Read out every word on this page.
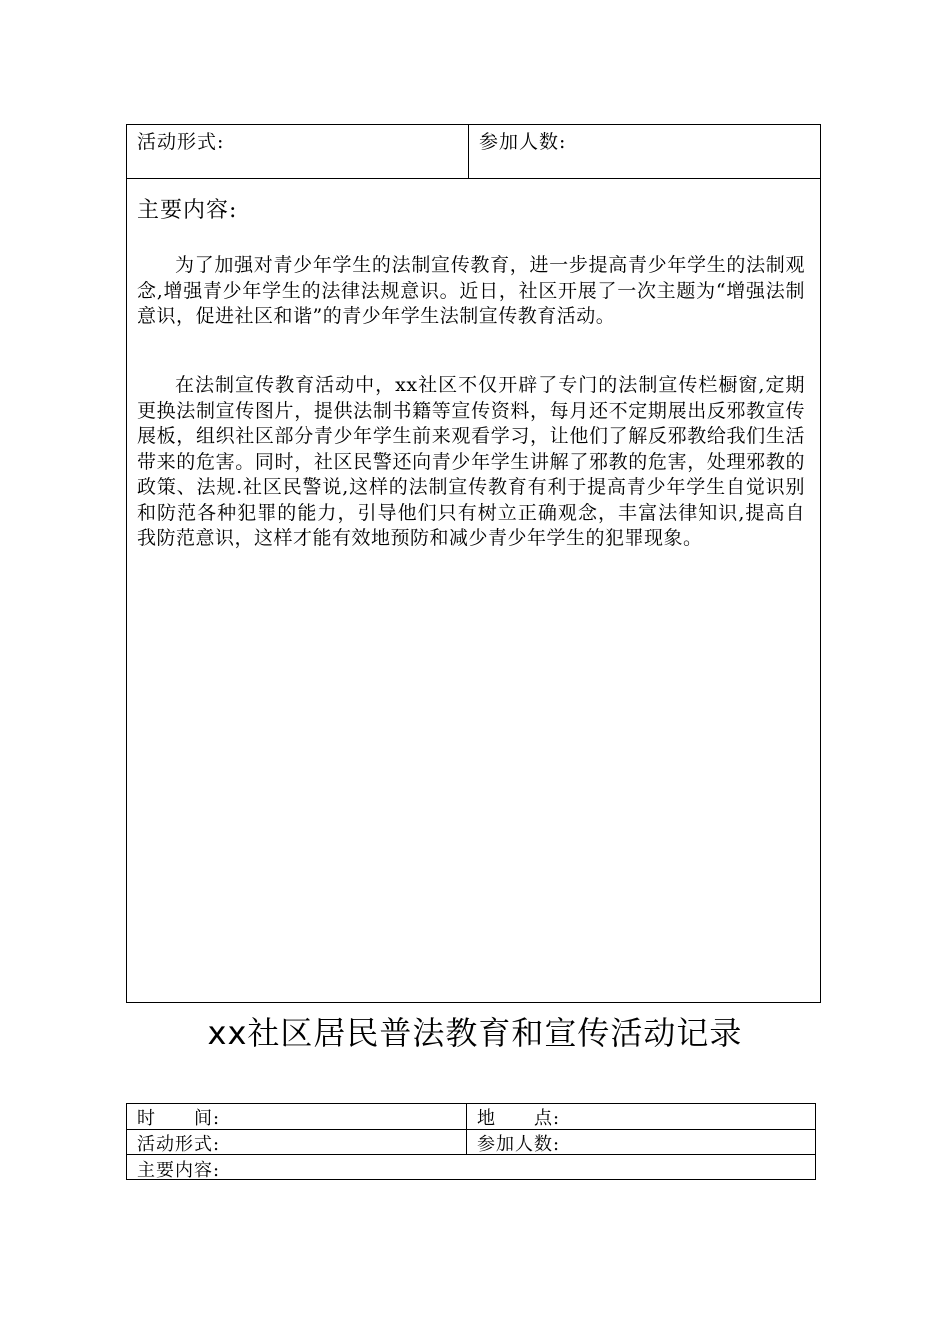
活动形式:	参加人数:
主要内容:

为了加强对青少年学生的法制宣传教育，进一步提高青少年学生的法制观念,增强青少年学生的法律法规意识。近日，社区开展了一次主题为“增强法制意识，促进社区和谐”的青少年学生法制宣传教育活动。

在法制宣传教育活动中，xx社区不仅开辟了专门的法制宣传栏橱窗,定期更换法制宣传图片，提供法制书籍等宣传资料，每月还不定期展出反邪教宣传展板，组织社区部分青少年学生前来观看学习，让他们了解反邪教给我们生活带来的危害。同时，社区民警还向青少年学生讲解了邪教的危害，处理邪教的政策、法规.社区民警说,这样的法制宣传教育有利于提高青少年学生自觉识别和防范各种犯罪的能力，引导他们只有树立正确观念，丰富法律知识,提高自我防范意识，这样才能有效地预防和减少青少年学生的犯罪现象。

xx社区居民普法教育和宣传活动记录
时　　间:	地　　点:
活动形式:	参加人数:
主要内容:
